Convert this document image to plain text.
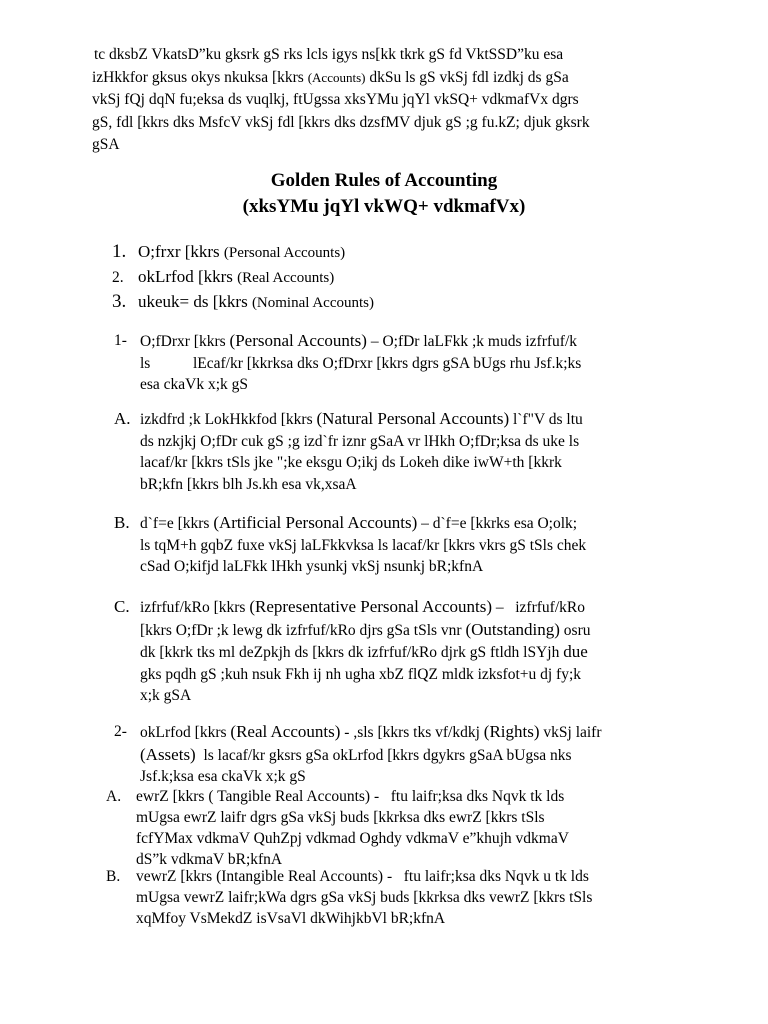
tc dksbZ VkatsD”ku gksrk gS rks lcls igys ns[kk tkrk gS fd VktSSD”ku esa
izHkkfor gksus okys nkuksa [kkrs (Accounts) dkSu ls gS vkSj fdl izdkj ds gSa
vkSj fQj dqN fu;eksa ds vuqlkj, ftUgssa xksYMu jqYl vkSQ+ vdkmafVx dgrs
gS, fdl [kkrs dks MsfcV vkSj fdl [kkrs dks dzsfMV djuk gS ;g fu.kZ; djuk gksrk
gSA
Golden Rules of Accounting
(xksYMu jqYl vkWQ+ vdkmafVx)
1. O;frxr [kkrs (Personal Accounts)
2. okLrfod [kkrs (Real Accounts)
3. ukeuk= ds [kkrs (Nominal Accounts)
1- O;fDrxr [kkrs (Personal Accounts) – O;fDr laLFkk ;k muds izfrfuf/k
ls           lEcaf/kr [kkrksa dks O;fDrxr [kkrs dgrs gSA bUgs rhu Jsf.k;ks
esa ckaVk x;k gS
A. izkdfrd ;k LokHkkfod [kkrs (Natural Personal Accounts) l`f"V ds ltu
ds nzkjkj O;fDr cuk gS ;g izd`fr iznr gSaA vr lHkh O;fDr;ksa ds uke ls
lacaf/kr [kkrs tSls jke ";ke eksgu O;ikj ds Lokeh dike iwW+th [kkrk
bR;kfn [kkrs blh Js.kh esa vk,xsaA
B. d`f=e [kkrs (Artificial Personal Accounts) – d`f=e [kkrks esa O;olk;
ls tqM+h gqbZ fuxe vkSj laLFkkvksa ls lacaf/kr [kkrs vkrs gS tSls chek
cSad O;kifjd laLFkk lHkh ysunkj vkSj nsunkj bR;kfnA
C. izfrfuf/kRo [kkrs (Representative Personal Accounts) –   izfrfuf/kRo
[kkrs O;fDr ;k lewg dk izfrfuf/kRo djrs gSa tSls vnr (Outstanding) osru
dk [kkrk tks ml deZpkjh ds [kkrs dk izfrfuf/kRo djrk gS ftldh lSYjh due
gks pqdh gS ;kuh nsuk Fkh ij nh ugha xbZ flQZ mldk izksfot+u dj fy;k
x;k gSA
2- okLrfod [kkrs (Real Accounts) - ,sls [kkrs tks vf/kdkj (Rights) vkSj laifr
(Assets)  ls lacaf/kr gksrs gSa okLrfod [kkrs dgykrs gSaA bUgsa nks
Jsf.k;ksa esa ckaVk x;k gS
A. ewrZ [kkrs ( Tangible Real Accounts) -   ftu laifr;ksa dks Nqvk tk lds
mUgsa ewrZ laifr dgrs gSa vkSj buds [kkrksa dks ewrZ [kkrs tSls
fcfYMax vdkmaV QuhZpj vdkmad Oghdy vdkmaV e”khujh vdkmaV
dS”k vdkmaV bR;kfnA
B. vewrZ [kkrs (Intangible Real Accounts) -   ftu laifr;ksa dks Nqvk u tk lds
mUgsa vewrZ laifr;kWa dgrs gSa vkSj buds [kkrksa dks vewrZ [kkrs tSls
xqMfoy VsMekdZ isVsaVl dkWihjkbVl bR;kfnA
